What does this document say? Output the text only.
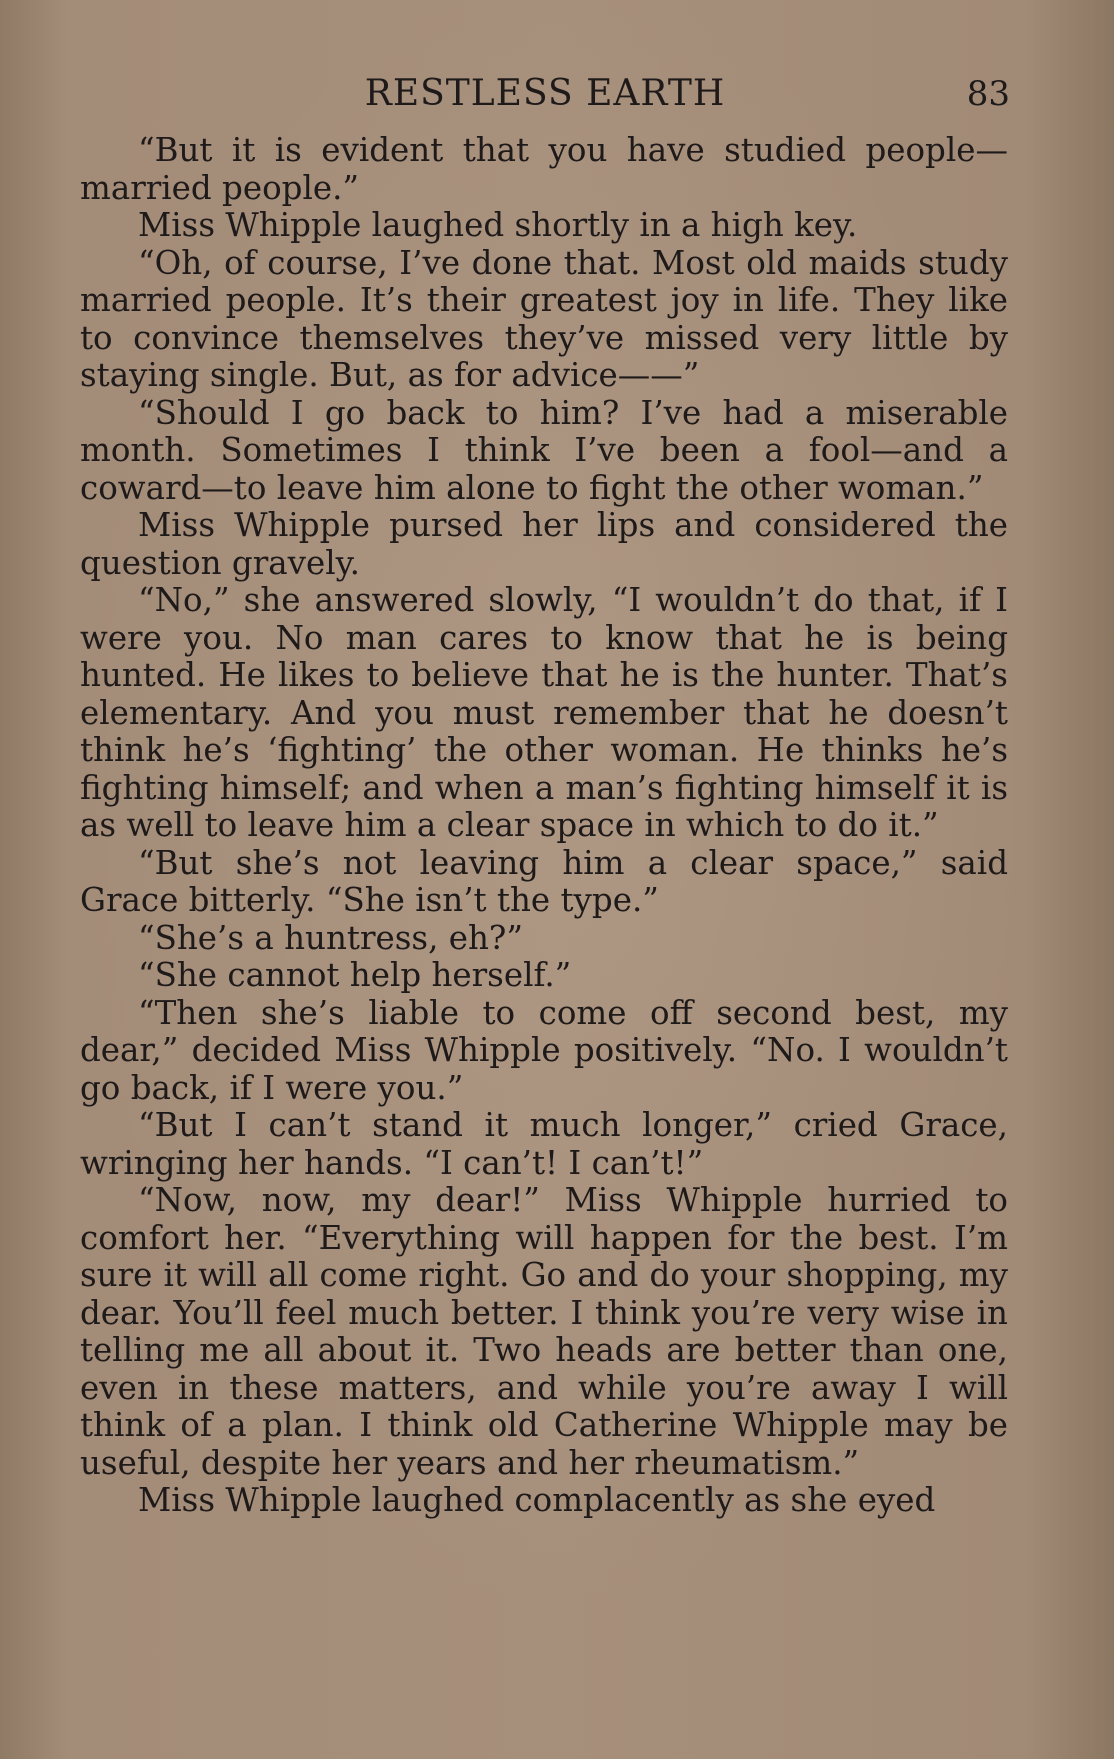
RESTLESS EARTH	83

“But it is evident that you have studied people—married people.”

Miss Whipple laughed shortly in a high key.

“Oh, of course, I’ve done that. Most old maids study married people. It’s their greatest joy in life. They like to convince themselves they’ve missed very little by staying single. But, as for advice——”

“Should I go back to him? I’ve had a miserable month. Sometimes I think I’ve been a fool—and a coward—to leave him alone to fight the other woman.”

Miss Whipple pursed her lips and considered the question gravely.

“No,” she answered slowly, “I wouldn’t do that, if I were you. No man cares to know that he is being hunted. He likes to believe that he is the hunter. That’s elementary. And you must remember that he doesn’t think he’s ‘fighting’ the other woman. He thinks he’s fighting himself; and when a man’s fighting himself it is as well to leave him a clear space in which to do it.”

“But she’s not leaving him a clear space,” said Grace bitterly. “She isn’t the type.”

“She’s a huntress, eh?”

“She cannot help herself.”

“Then she’s liable to come off second best, my dear,” decided Miss Whipple positively. “No. I wouldn’t go back, if I were you.”

“But I can’t stand it much longer,” cried Grace, wringing her hands. “I can’t! I can’t!”

“Now, now, my dear!” Miss Whipple hurried to comfort her. “Everything will happen for the best. I’m sure it will all come right. Go and do your shopping, my dear. You’ll feel much better. I think you’re very wise in telling me all about it. Two heads are better than one, even in these matters, and while you’re away I will think of a plan. I think old Catherine Whipple may be useful, despite her years and her rheumatism.”

Miss Whipple laughed complacently as she eyed
